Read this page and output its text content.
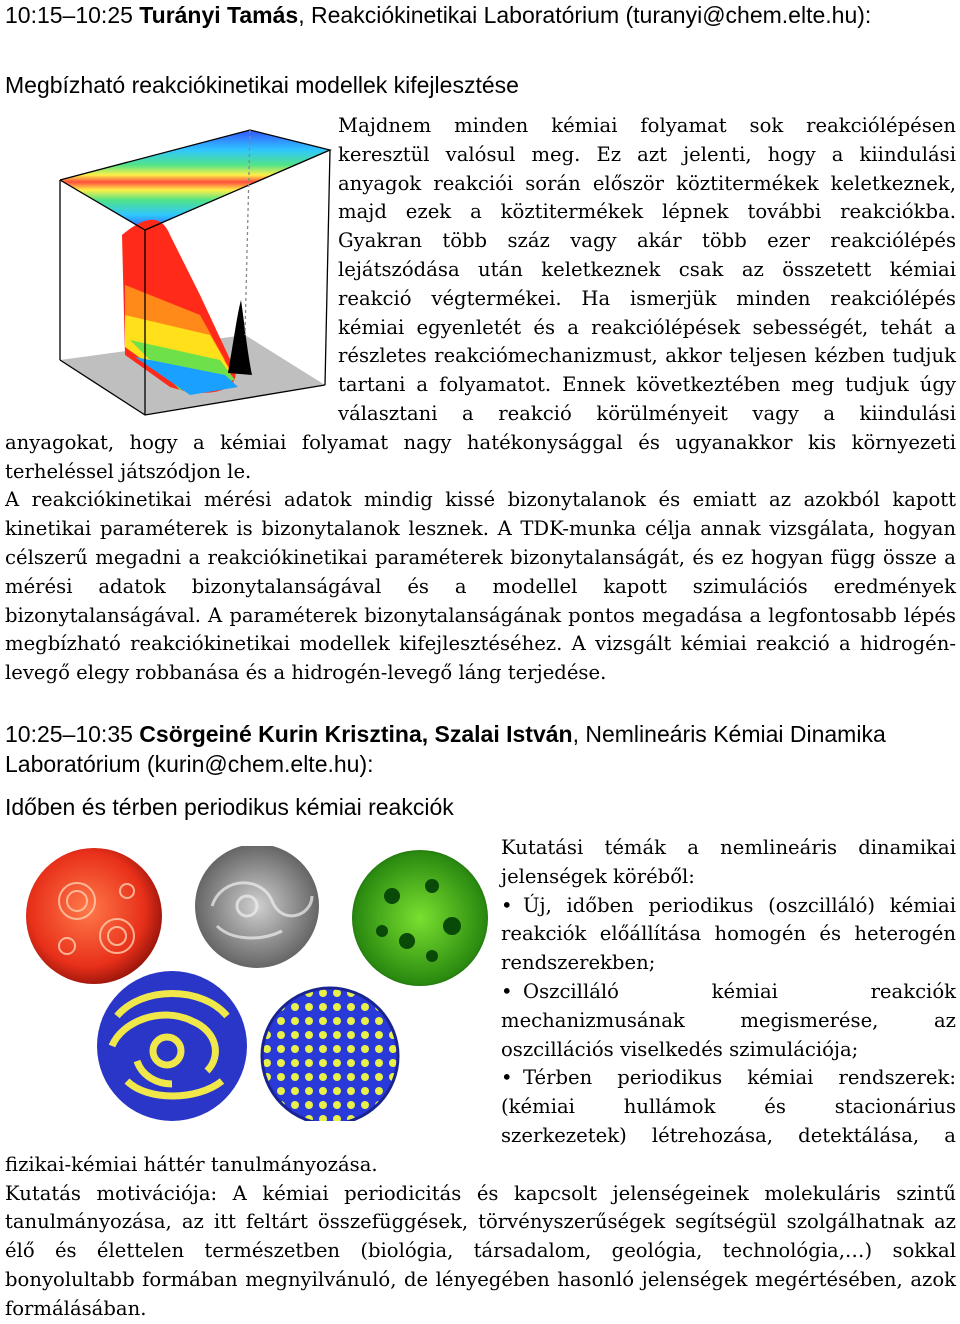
10:15–10:25 Turányi Tamás, Reakciókinetikai Laboratórium (turanyi@chem.elte.hu):
Megbízható reakciókinetikai modellek kifejlesztése

Majdnem minden kémiai folyamat sok reakciólépésen keresztül valósul meg. Ez azt jelenti, hogy a kiindulási anyagok reakciói során először köztitermékek keletkeznek, majd ezek a köztitermékek lépnek további reakciókba. Gyakran több száz vagy akár több ezer reakciólépés lejátszódása után keletkeznek csak az összetett kémiai reakció végtermékei. Ha ismerjük minden reakciólépés kémiai egyenletét és a reakciólépések sebességét, tehát a részletes reakciómechanizmust, akkor teljesen kézben tudjuk tartani a folyamatot. Ennek következtében meg tudjuk úgy választani a reakció körülményeit vagy a kiindulási anyagokat, hogy a kémiai folyamat nagy hatékonysággal és ugyanakkor kis környezeti terheléssel játszódjon le.

A reakciókinetikai mérési adatok mindig kissé bizonytalanok és emiatt az azokból kapott kinetikai paraméterek is bizonytalanok lesznek. A TDK-munka célja annak vizsgálata, hogyan célszerű megadni a reakciókinetikai paraméterek bizonytalanságát, és ez hogyan függ össze a mérési adatok bizonytalanságával és a modellel kapott szimulációs eredmények bizonytalanságával. A paraméterek bizonytalanságának pontos megadása a legfontosabb lépés megbízható reakciókinetikai modellek kifejlesztéséhez. A vizsgált kémiai reakció a hidrogén-levegő elegy robbanása és a hidrogén-levegő láng terjedése.

10:25–10:35 Csörgeiné Kurin Krisztina, Szalai István, Nemlineáris Kémiai Dinamika Laboratórium (kurin@chem.elte.hu):
Időben és térben periodikus kémiai reakciók

Kutatási témák a nemlineáris dinamikai jelenségek köréből:
• Új, időben periodikus (oszcilláló) kémiai reakciók előállítása homogén és heterogén rendszerekben;
• Oszcilláló kémiai reakciók mechanizmusának megismerése, az oszcillációs viselkedés szimulációja;
• Térben periodikus kémiai rendszerek: (kémiai hullámok és stacionárius szerkezetek) létrehozása, detektálása, a fizikai-kémiai háttér tanulmányozása.

Kutatás motivációja: A kémiai periodicitás és kapcsolt jelenségeinek molekuláris szintű tanulmányozása, az itt feltárt összefüggések, törvényszerűségek segítségül szolgálhatnak az élő és élettelen természetben (biológia, társadalom, geológia, technológia,…) sokkal bonyolultabb formában megnyilvánuló, de lényegében hasonló jelenségek megértésében, azok formálásában.
